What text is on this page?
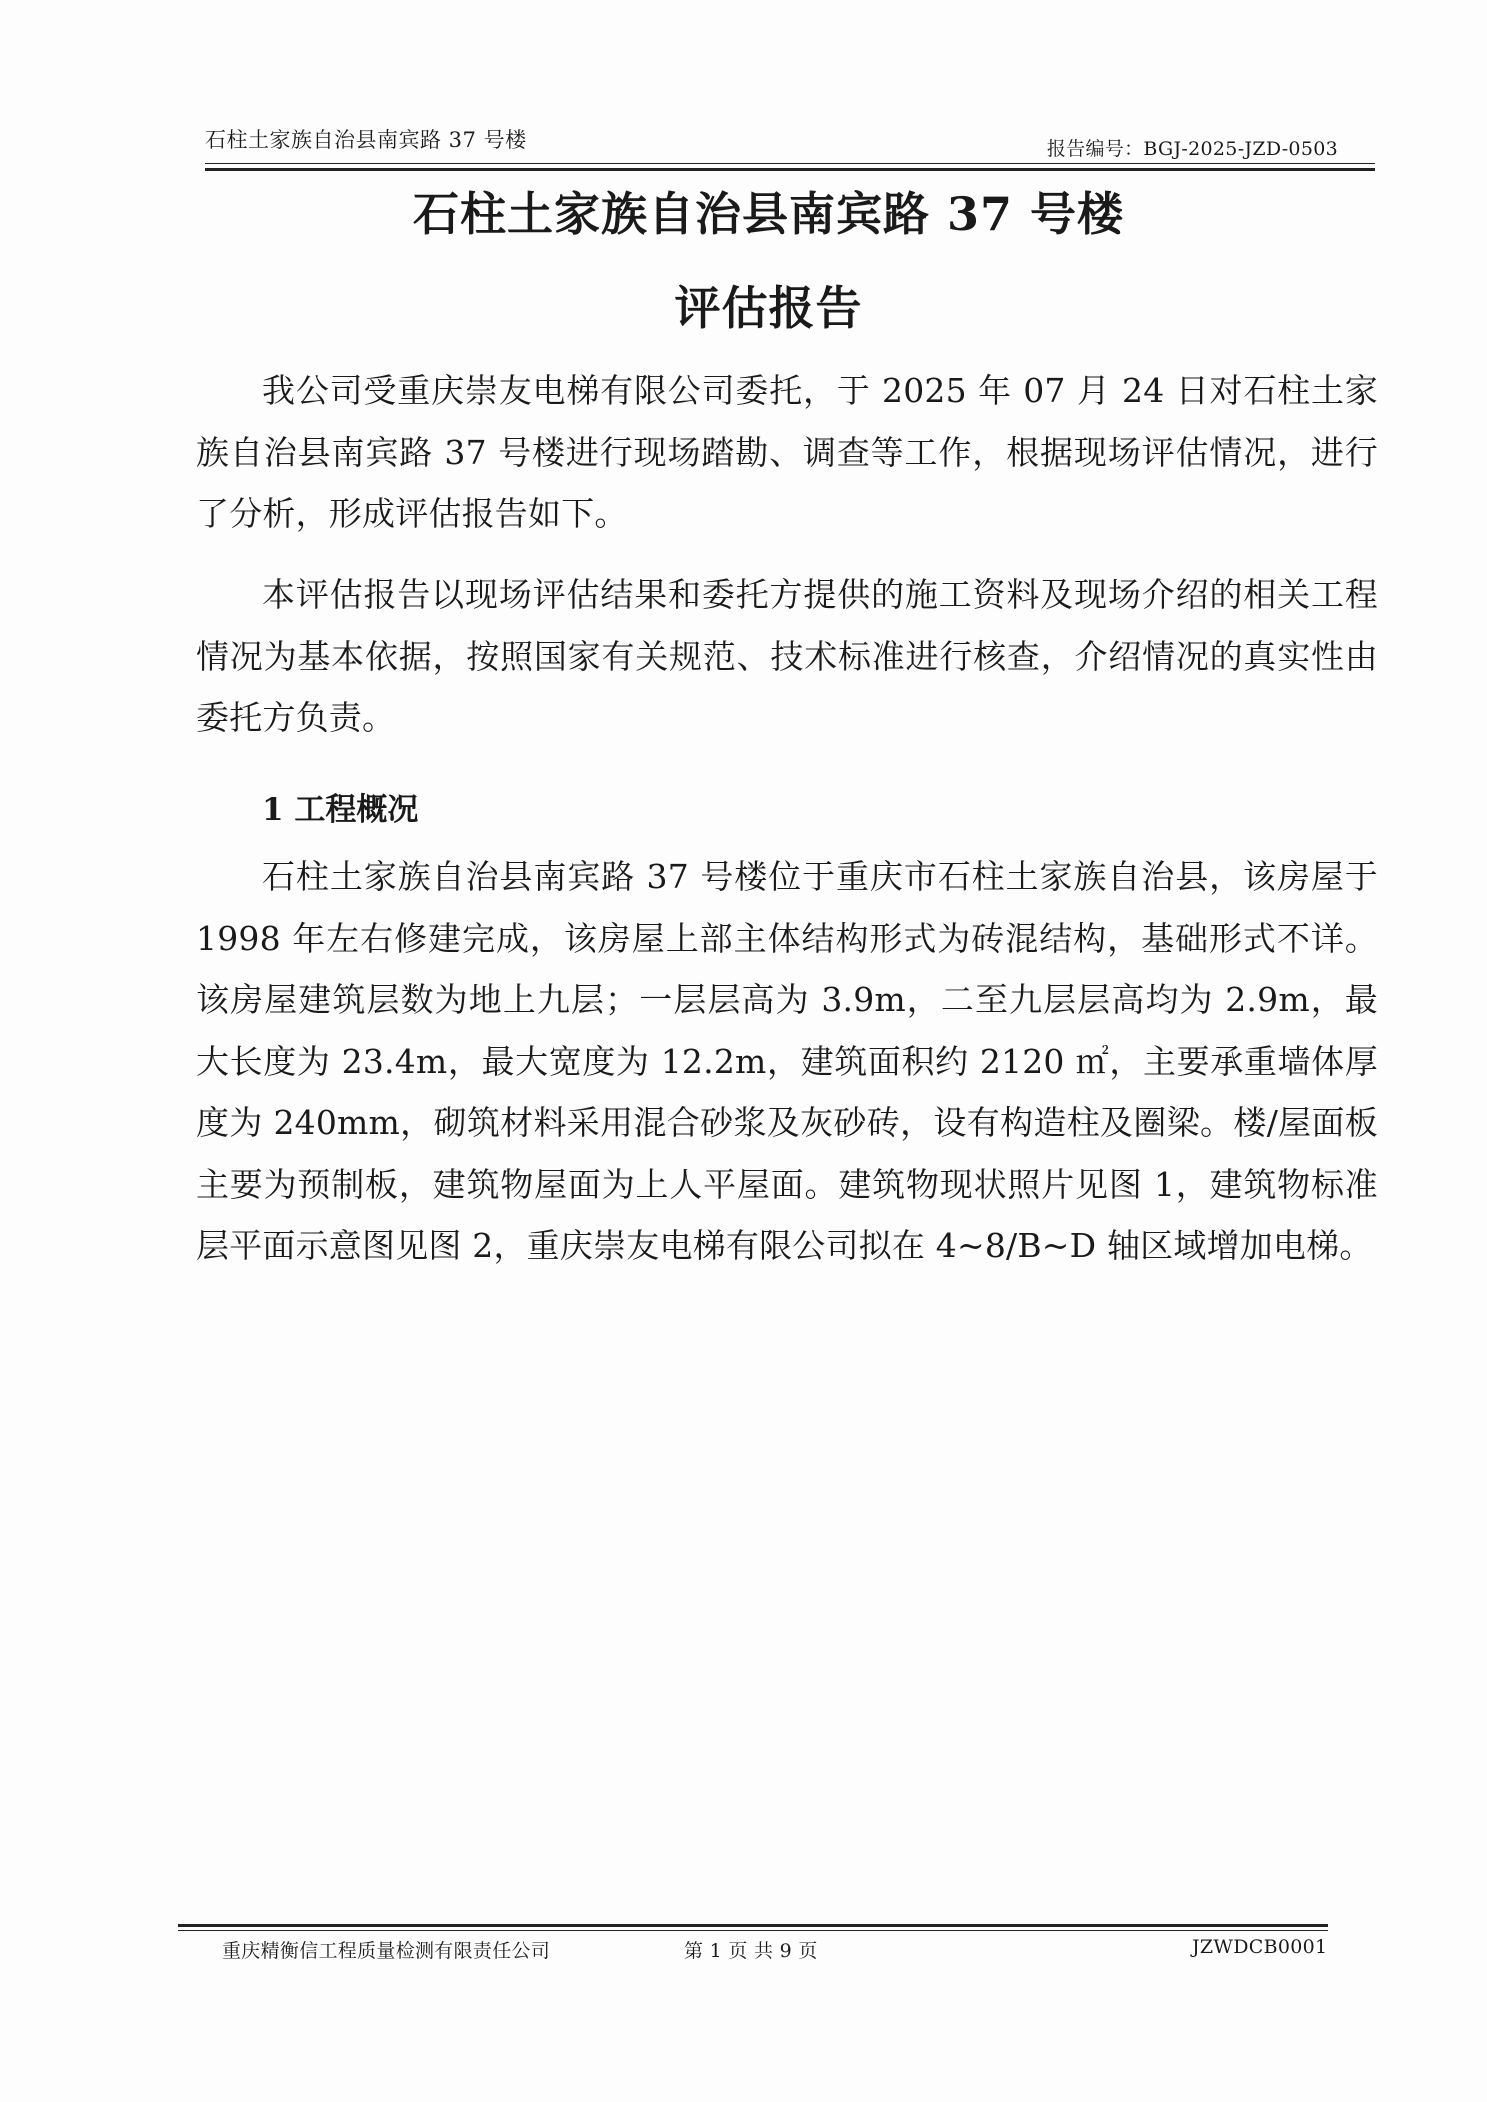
石柱土家族自治县南宾路 37 号楼	报告编号：BGJ-2025-JZD-0503
石柱土家族自治县南宾路 37 号楼
评估报告

我公司受重庆崇友电梯有限公司委托，于 2025 年 07 月 24 日对石柱土家族自治县南宾路 37 号楼进行现场踏勘、调查等工作，根据现场评估情况，进行了分析，形成评估报告如下。

本评估报告以现场评估结果和委托方提供的施工资料及现场介绍的相关工程情况为基本依据，按照国家有关规范、技术标准进行核查，介绍情况的真实性由委托方负责。

1 工程概况

石柱土家族自治县南宾路 37 号楼位于重庆市石柱土家族自治县，该房屋于 1998 年左右修建完成，该房屋上部主体结构形式为砖混结构，基础形式不详。该房屋建筑层数为地上九层；一层层高为 3.9m，二至九层层高均为 2.9m，最大长度为 23.4m，最大宽度为 12.2m，建筑面积约 2120 ㎡，主要承重墙体厚度为 240mm，砌筑材料采用混合砂浆及灰砂砖，设有构造柱及圈梁。楼/屋面板主要为预制板，建筑物屋面为上人平屋面。建筑物现状照片见图 1，建筑物标准层平面示意图见图 2，重庆崇友电梯有限公司拟在 4~8/B~D 轴区域增加电梯。

重庆精衡信工程质量检测有限责任公司	第 1 页 共 9 页	JZWDCB0001
